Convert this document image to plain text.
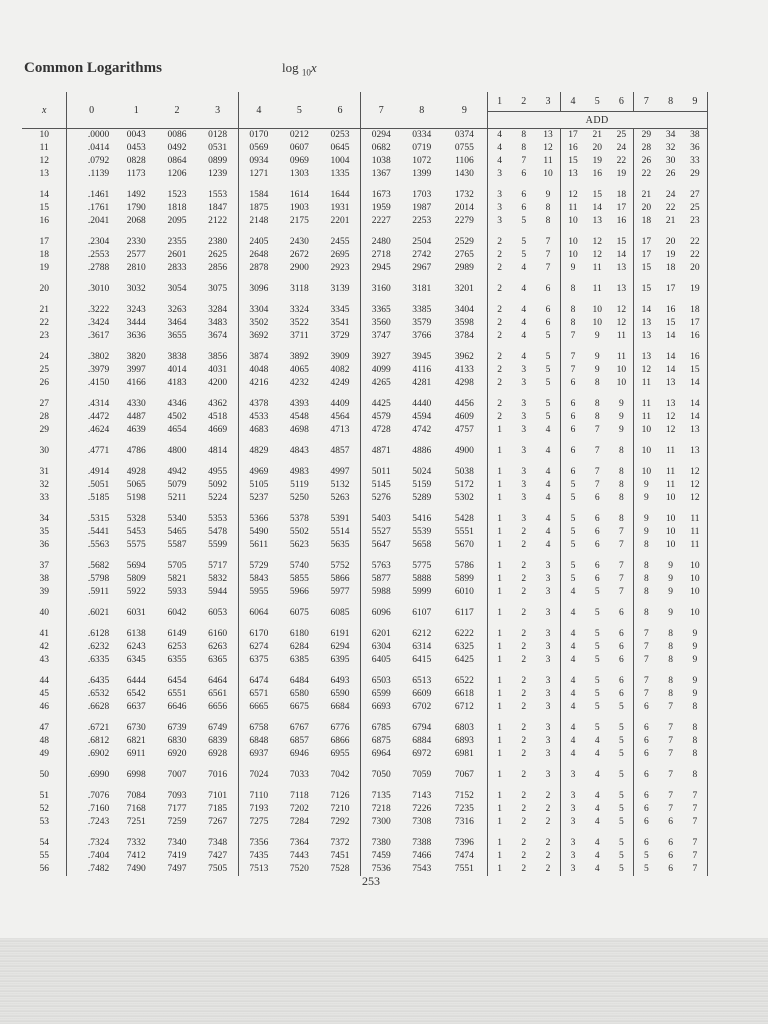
Common Logarithms	log $_{10}$x
x	0	1	2	3	4	5	6	7	8	9	1	2	3	4	5	6	7	8	9
														ADD					
10	.0000	0043	0086	0128	0170	0212	0253	0294	0334	0374	4	8	13	17	21	25	29	34	38
11	.0414	0453	0492	0531	0569	0607	0645	0682	0719	0755	4	8	12	16	20	24	28	32	36
12	.0792	0828	0864	0899	0934	0969	1004	1038	1072	1106	4	7	11	15	19	22	26	30	33
13	.1139	1173	1206	1239	1271	1303	1335	1367	1399	1430	3	6	10	13	16	19	22	26	29

14	.1461	1492	1523	1553	1584	1614	1644	1673	1703	1732	3	6	9	12	15	18	21	24	27
15	.1761	1790	1818	1847	1875	1903	1931	1959	1987	2014	3	6	8	11	14	17	20	22	25
16	.2041	2068	2095	2122	2148	2175	2201	2227	2253	2279	3	5	8	10	13	16	18	21	23

17	.2304	2330	2355	2380	2405	2430	2455	2480	2504	2529	2	5	7	10	12	15	17	20	22
18	.2553	2577	2601	2625	2648	2672	2695	2718	2742	2765	2	5	7	10	12	14	17	19	22
19	.2788	2810	2833	2856	2878	2900	2923	2945	2967	2989	2	4	7	9	11	13	15	18	20

20	.3010	3032	3054	3075	3096	3118	3139	3160	3181	3201	2	4	6	8	11	13	15	17	19

21	.3222	3243	3263	3284	3304	3324	3345	3365	3385	3404	2	4	6	8	10	12	14	16	18
22	.3424	3444	3464	3483	3502	3522	3541	3560	3579	3598	2	4	6	8	10	12	13	15	17
23	.3617	3636	3655	3674	3692	3711	3729	3747	3766	3784	2	4	5	7	9	11	13	14	16

24	.3802	3820	3838	3856	3874	3892	3909	3927	3945	3962	2	4	5	7	9	11	13	14	16
25	.3979	3997	4014	4031	4048	4065	4082	4099	4116	4133	2	3	5	7	9	10	12	14	15
26	.4150	4166	4183	4200	4216	4232	4249	4265	4281	4298	2	3	5	6	8	10	11	13	14

27	.4314	4330	4346	4362	4378	4393	4409	4425	4440	4456	2	3	5	6	8	9	11	13	14
28	.4472	4487	4502	4518	4533	4548	4564	4579	4594	4609	2	3	5	6	8	9	11	12	14
29	.4624	4639	4654	4669	4683	4698	4713	4728	4742	4757	1	3	4	6	7	9	10	12	13

30	.4771	4786	4800	4814	4829	4843	4857	4871	4886	4900	1	3	4	6	7	8	10	11	13

31	.4914	4928	4942	4955	4969	4983	4997	5011	5024	5038	1	3	4	6	7	8	10	11	12
32	.5051	5065	5079	5092	5105	5119	5132	5145	5159	5172	1	3	4	5	7	8	9	11	12
33	.5185	5198	5211	5224	5237	5250	5263	5276	5289	5302	1	3	4	5	6	8	9	10	12

34	.5315	5328	5340	5353	5366	5378	5391	5403	5416	5428	1	3	4	5	6	8	9	10	11
35	.5441	5453	5465	5478	5490	5502	5514	5527	5539	5551	1	2	4	5	6	7	9	10	11
36	.5563	5575	5587	5599	5611	5623	5635	5647	5658	5670	1	2	4	5	6	7	8	10	11

37	.5682	5694	5705	5717	5729	5740	5752	5763	5775	5786	1	2	3	5	6	7	8	9	10
38	.5798	5809	5821	5832	5843	5855	5866	5877	5888	5899	1	2	3	5	6	7	8	9	10
39	.5911	5922	5933	5944	5955	5966	5977	5988	5999	6010	1	2	3	4	5	7	8	9	10

40	.6021	6031	6042	6053	6064	6075	6085	6096	6107	6117	1	2	3	4	5	6	8	9	10

41	.6128	6138	6149	6160	6170	6180	6191	6201	6212	6222	1	2	3	4	5	6	7	8	9
42	.6232	6243	6253	6263	6274	6284	6294	6304	6314	6325	1	2	3	4	5	6	7	8	9
43	.6335	6345	6355	6365	6375	6385	6395	6405	6415	6425	1	2	3	4	5	6	7	8	9

44	.6435	6444	6454	6464	6474	6484	6493	6503	6513	6522	1	2	3	4	5	6	7	8	9
45	.6532	6542	6551	6561	6571	6580	6590	6599	6609	6618	1	2	3	4	5	6	7	8	9
46	.6628	6637	6646	6656	6665	6675	6684	6693	6702	6712	1	2	3	4	5	5	6	7	8

47	.6721	6730	6739	6749	6758	6767	6776	6785	6794	6803	1	2	3	4	5	5	6	7	8
48	.6812	6821	6830	6839	6848	6857	6866	6875	6884	6893	1	2	3	4	4	5	6	7	8
49	.6902	6911	6920	6928	6937	6946	6955	6964	6972	6981	1	2	3	4	4	5	6	7	8

50	.6990	6998	7007	7016	7024	7033	7042	7050	7059	7067	1	2	3	3	4	5	6	7	8

51	.7076	7084	7093	7101	7110	7118	7126	7135	7143	7152	1	2	2	3	4	5	6	7	7
52	.7160	7168	7177	7185	7193	7202	7210	7218	7226	7235	1	2	2	3	4	5	6	7	7
53	.7243	7251	7259	7267	7275	7284	7292	7300	7308	7316	1	2	2	3	4	5	6	6	7

54	.7324	7332	7340	7348	7356	7364	7372	7380	7388	7396	1	2	2	3	4	5	6	6	7
55	.7404	7412	7419	7427	7435	7443	7451	7459	7466	7474	1	2	2	3	4	5	5	6	7
56	.7482	7490	7497	7505	7513	7520	7528	7536	7543	7551	1	2	2	3	4	5	5	6	7
253
